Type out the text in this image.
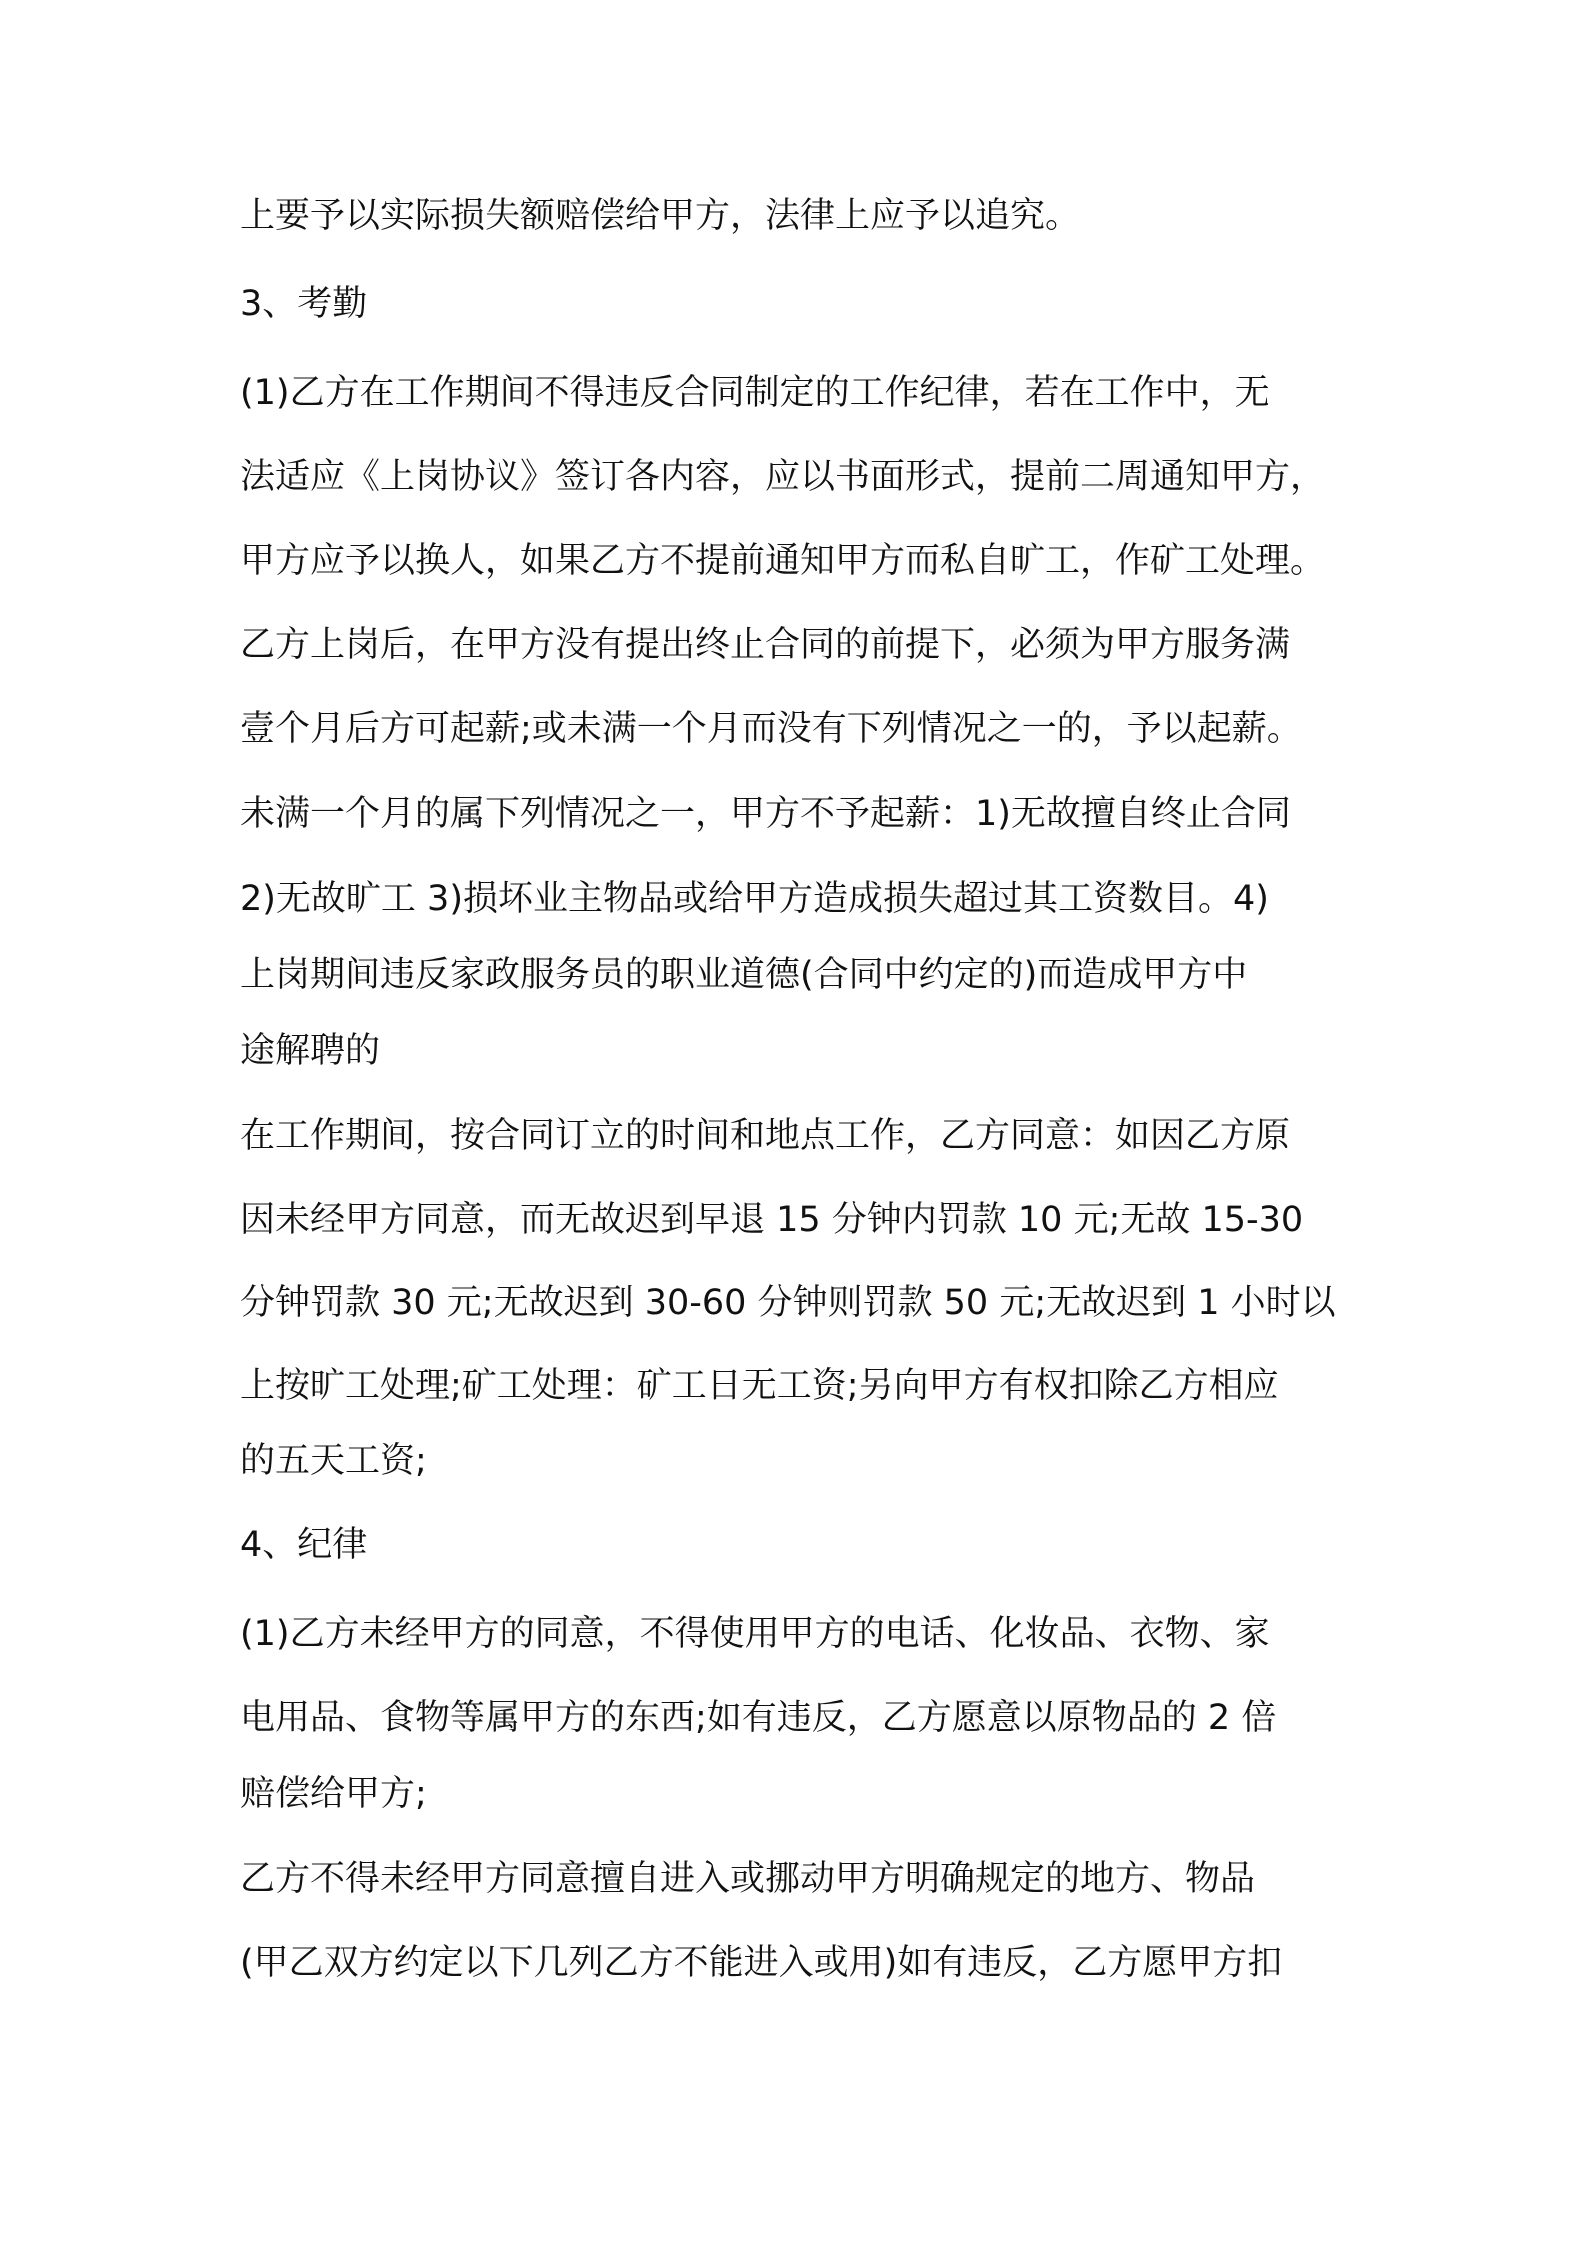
上要予以实际损失额赔偿给甲方，法律上应予以追究。
3、考勤
(1)乙方在工作期间不得违反合同制定的工作纪律，若在工作中，无
法适应《上岗协议》签订各内容，应以书面形式，提前二周通知甲方，
甲方应予以换人，如果乙方不提前通知甲方而私自旷工，作矿工处理。
乙方上岗后，在甲方没有提出终止合同的前提下，必须为甲方服务满
壹个月后方可起薪;或未满一个月而没有下列情况之一的，予以起薪。
未满一个月的属下列情况之一，甲方不予起薪：1)无故擅自终止合同
2)无故旷工 3)损坏业主物品或给甲方造成损失超过其工资数目。4)
上岗期间违反家政服务员的职业道德(合同中约定的)而造成甲方中
途解聘的
在工作期间，按合同订立的时间和地点工作，乙方同意：如因乙方原
因未经甲方同意，而无故迟到早退 15 分钟内罚款 10 元;无故 15-30
分钟罚款 30 元;无故迟到 30-60 分钟则罚款 50 元;无故迟到 1 小时以
上按旷工处理;矿工处理：矿工日无工资;另向甲方有权扣除乙方相应
的五天工资;
4、纪律
(1)乙方未经甲方的同意，不得使用甲方的电话、化妆品、衣物、家
电用品、食物等属甲方的东西;如有违反，乙方愿意以原物品的 2 倍
赔偿给甲方;
乙方不得未经甲方同意擅自进入或挪动甲方明确规定的地方、物品
(甲乙双方约定以下几列乙方不能进入或用)如有违反，乙方愿甲方扣
